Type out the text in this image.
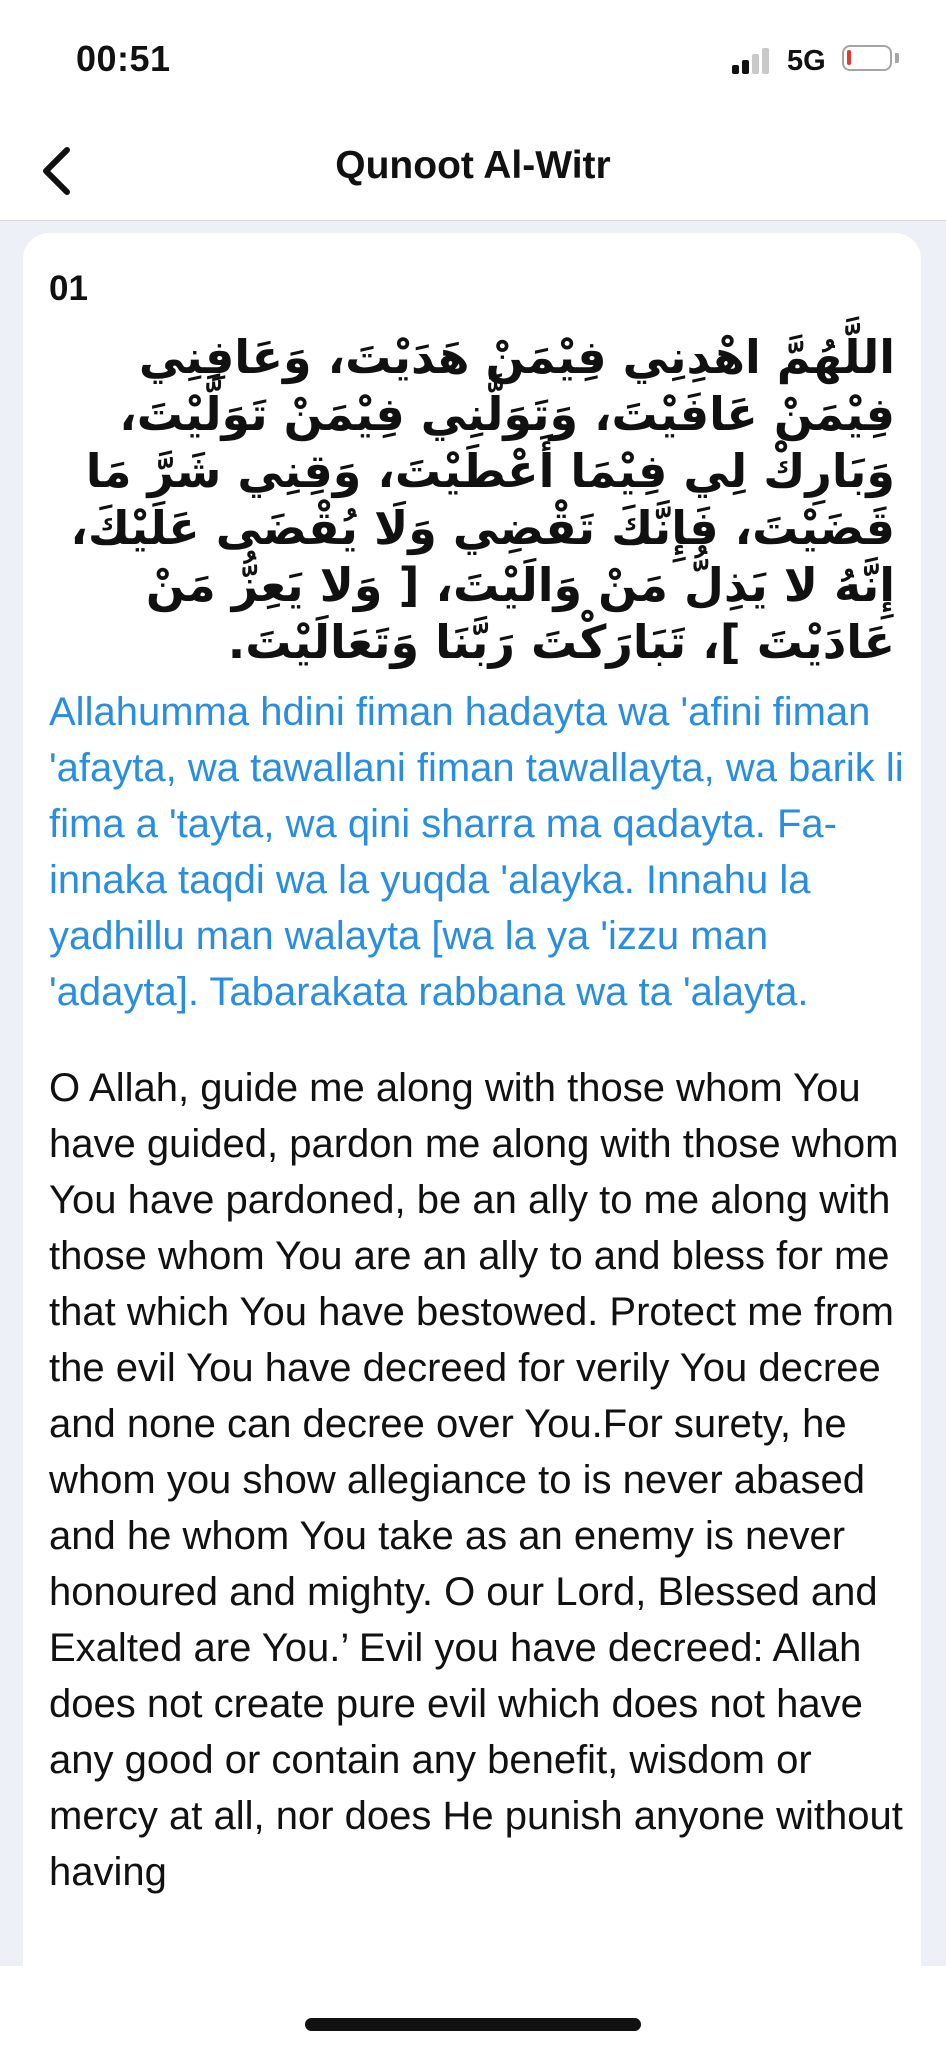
00:51	5G
Qunoot Al-Witr
01

اللَّهُمَّ اهْدِنِي فِيْمَنْ هَدَيْتَ، وَعَافِنِي فِيْمَنْ عَافَيْتَ، وَتَوَلَّنِي فِيْمَنْ تَوَلَّيْتَ، وَبَارِكْ لِي فِيْمَا أَعْطَيْتَ، وَقِنِي شَرَّ مَا قَضَيْتَ، فَإِنَّكَ تَقْضِي وَلَا يُقْضَى عَلَيْكَ، إِنَّهُ لا يَذِلُّ مَنْ وَالَيْتَ، [ وَلا يَعِزُّ مَنْ عَادَيْتَ ]، تَبَارَكْتَ رَبَّنَا وَتَعَالَيْتَ.

Allahumma hdini fiman hadayta wa 'afini fiman 'afayta, wa tawallani fiman tawallayta, wa barik li fima a 'tayta, wa qini sharra ma qadayta. Fa-innaka taqdi wa la yuqda 'alayka. Innahu la yadhillu man walayta [wa la ya 'izzu man 'adayta]. Tabarakata rabbana wa ta 'alayta.

O Allah, guide me along with those whom You have guided, pardon me along with those whom You have pardoned, be an ally to me along with those whom You are an ally to and bless for me that which You have bestowed. Protect me from the evil You have decreed for verily You decree and none can decree over You.For surety, he whom you show allegiance to is never abased and he whom You take as an enemy is never honoured and mighty. O our Lord, Blessed and Exalted are You.’ Evil you have decreed: Allah does not create pure evil which does not have any good or contain any benefit, wisdom or mercy at all, nor does He punish anyone without having
